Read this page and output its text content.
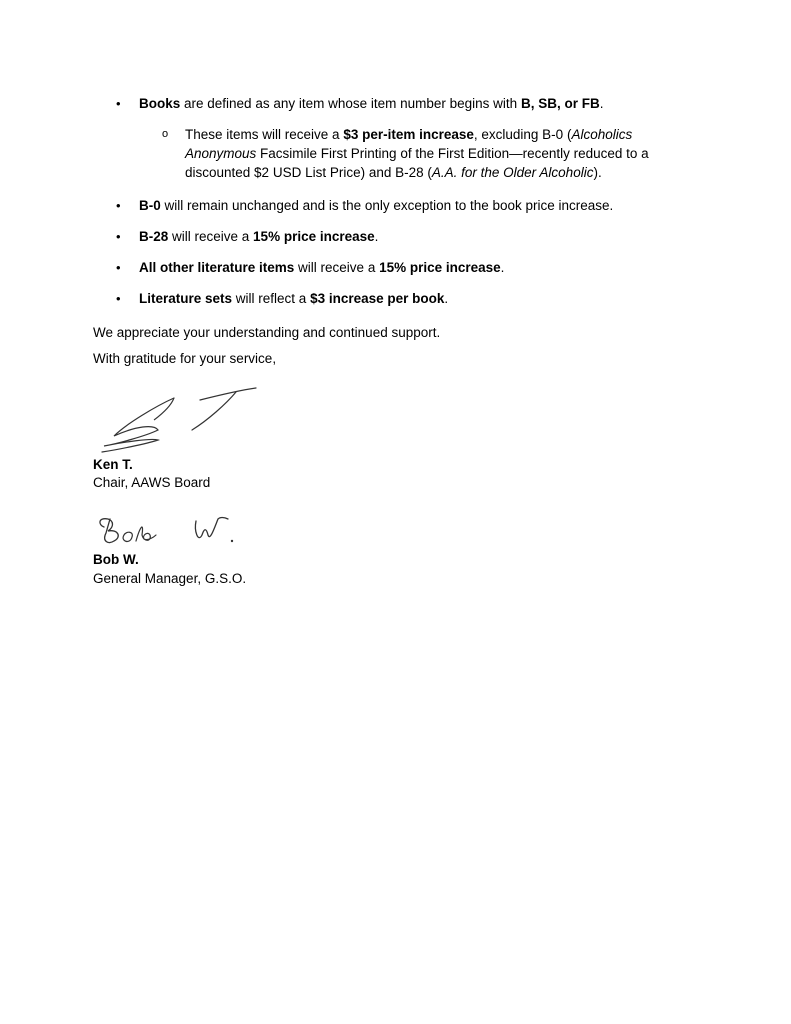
• Books are defined as any item whose item number begins with B, SB, or FB.
o These items will receive a $3 per-item increase, excluding B-0 (Alcoholics Anonymous Facsimile First Printing of the First Edition—recently reduced to a discounted $2 USD List Price) and B-28 (A.A. for the Older Alcoholic).
• B-0 will remain unchanged and is the only exception to the book price increase.
• B-28 will receive a 15% price increase.
• All other literature items will receive a 15% price increase.
• Literature sets will reflect a $3 increase per book.

We appreciate your understanding and continued support.

With gratitude for your service,

Ken T.
Chair, AAWS Board
Bob W.
General Manager, G.S.O.
